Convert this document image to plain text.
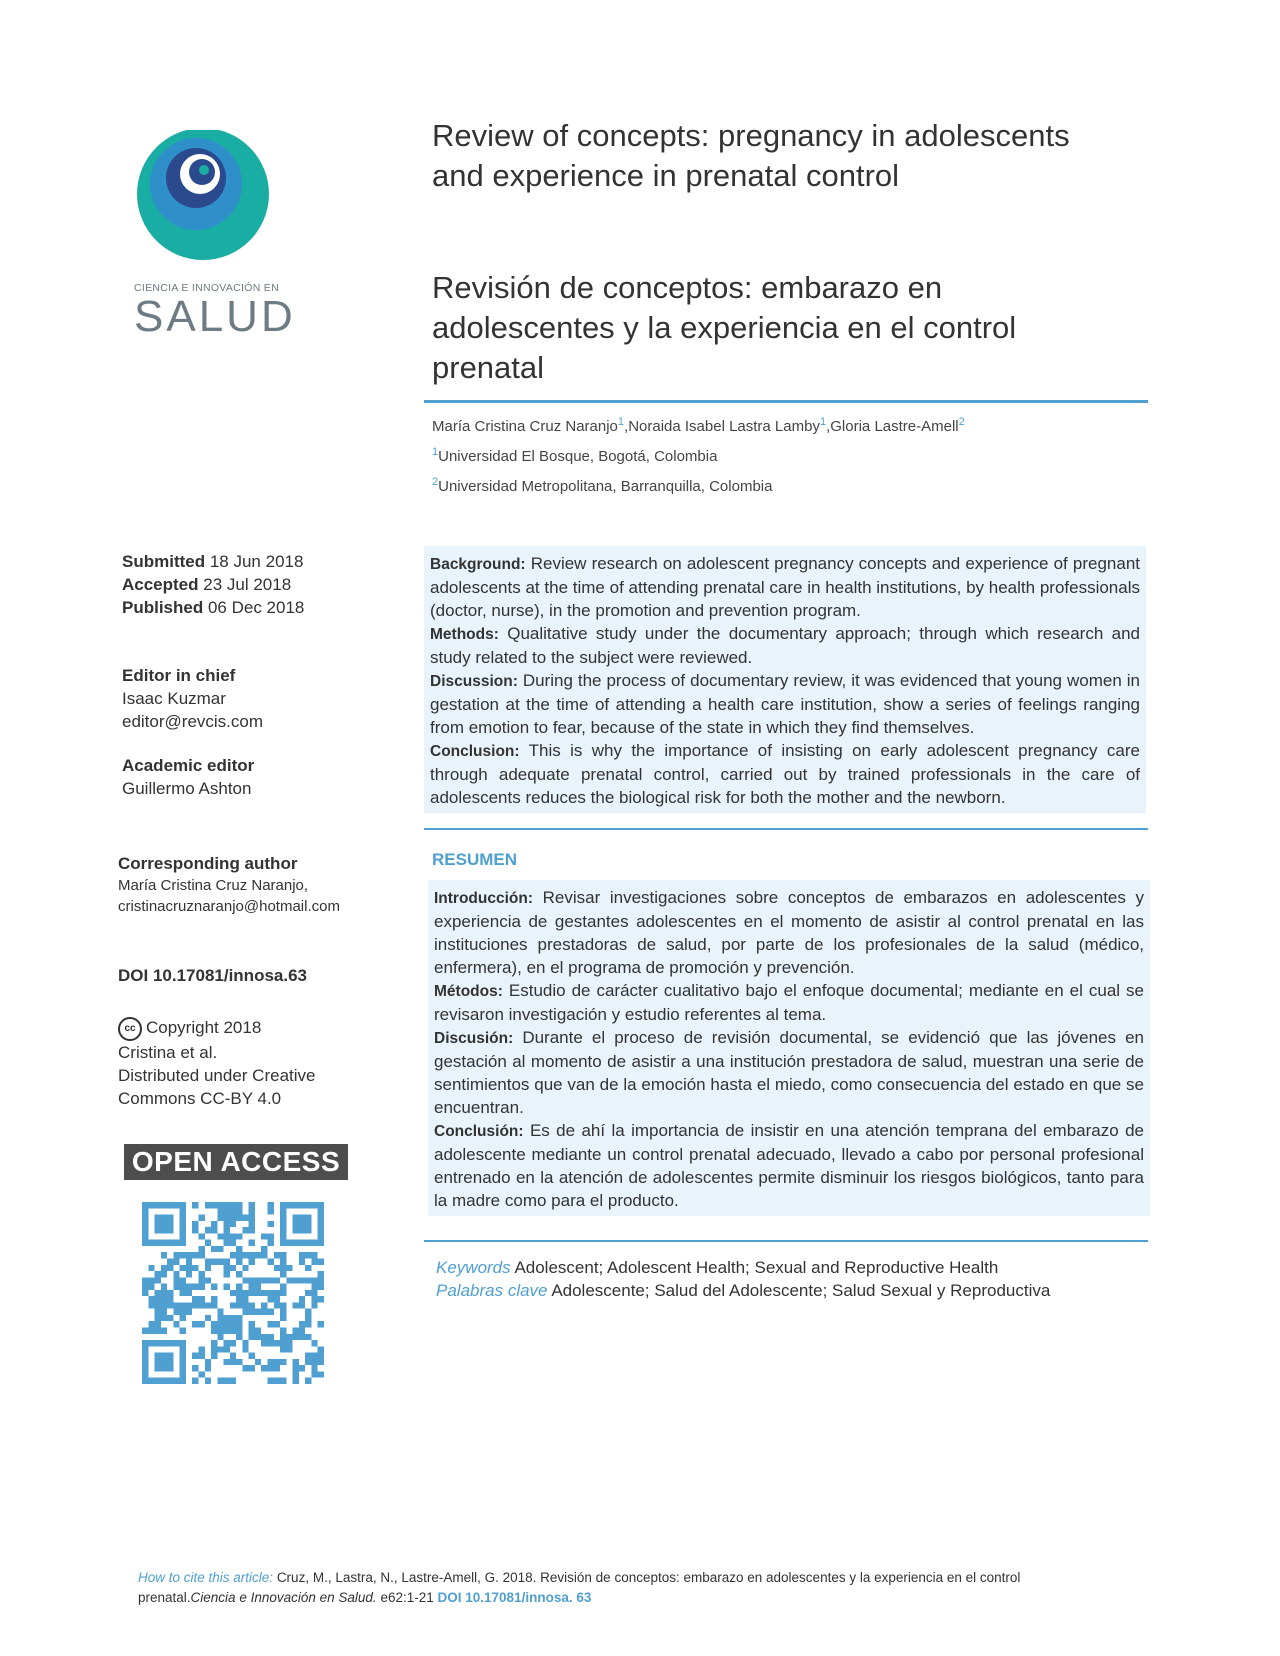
CIENCIA E INNOVACIÓN EN
SALUD
Review of concepts: pregnancy in adolescents and experience in prenatal control
Revisión de conceptos: embarazo en adolescentes y la experiencia en el control prenatal
María Cristina Cruz Naranjo$^1$,Noraida Isabel Lastra Lamby$^1$,Gloria Lastre-Amell$^2$
$^1$Universidad El Bosque, Bogotá, Colombia
$^2$Universidad Metropolitana, Barranquilla, Colombia
Submitted 18 Jun 2018
Accepted 23 Jul 2018
Published 06 Dec 2018
Editor in chief
Isaac Kuzmar
editor@revcis.com
Academic editor
Guillermo Ashton
Corresponding author
María Cristina Cruz Naranjo,
cristinacruznaranjo@hotmail.com
DOI 10.17081/innosa.63
cc Copyright 2018
Cristina et al.
Distributed under Creative
Commons CC-BY 4.0
OPEN ACCESS

Background: Review research on adolescent pregnancy concepts and experience of pregnant adolescents at the time of attending prenatal care in health institutions, by health professionals (doctor, nurse), in the promotion and prevention program.

Methods: Qualitative study under the documentary approach; through which research and study related to the subject were reviewed.

Discussion: During the process of documentary review, it was evidenced that young women in gestation at the time of attending a health care institution, show a series of feelings ranging from emotion to fear, because of the state in which they find themselves.

Conclusion: This is why the importance of insisting on early adolescent pregnancy care through adequate prenatal control, carried out by trained professionals in the care of adolescents reduces the biological risk for both the mother and the newborn.

RESUMEN

Introducción: Revisar investigaciones sobre conceptos de embarazos en adolescentes y experiencia de gestantes adolescentes en el momento de asistir al control prenatal en las instituciones prestadoras de salud, por parte de los profesionales de la salud (médico, enfermera), en el programa de promoción y prevención.

Métodos: Estudio de carácter cualitativo bajo el enfoque documental; mediante en el cual se revisaron investigación y estudio referentes al tema.

Discusión: Durante el proceso de revisión documental, se evidenció que las jóvenes en gestación al momento de asistir a una institución prestadora de salud, muestran una serie de sentimientos que van de la emoción hasta el miedo, como consecuencia del estado en que se encuentran.

Conclusión: Es de ahí la importancia de insistir en una atención temprana del embarazo de adolescente mediante un control prenatal adecuado, llevado a cabo por personal profesional entrenado en la atención de adolescentes permite disminuir los riesgos biológicos, tanto para la madre como para el producto.

Keywords Adolescent; Adolescent Health; Sexual and Reproductive Health
Palabras clave Adolescente; Salud del Adolescente; Salud Sexual y Reproductiva
How to cite this article: Cruz, M., Lastra, N., Lastre-Amell, G. 2018. Revisión de conceptos: embarazo en adolescentes y la experiencia en el control prenatal.Ciencia e Innovación en Salud. e62:1-21 DOI 10.17081/innosa. 63
